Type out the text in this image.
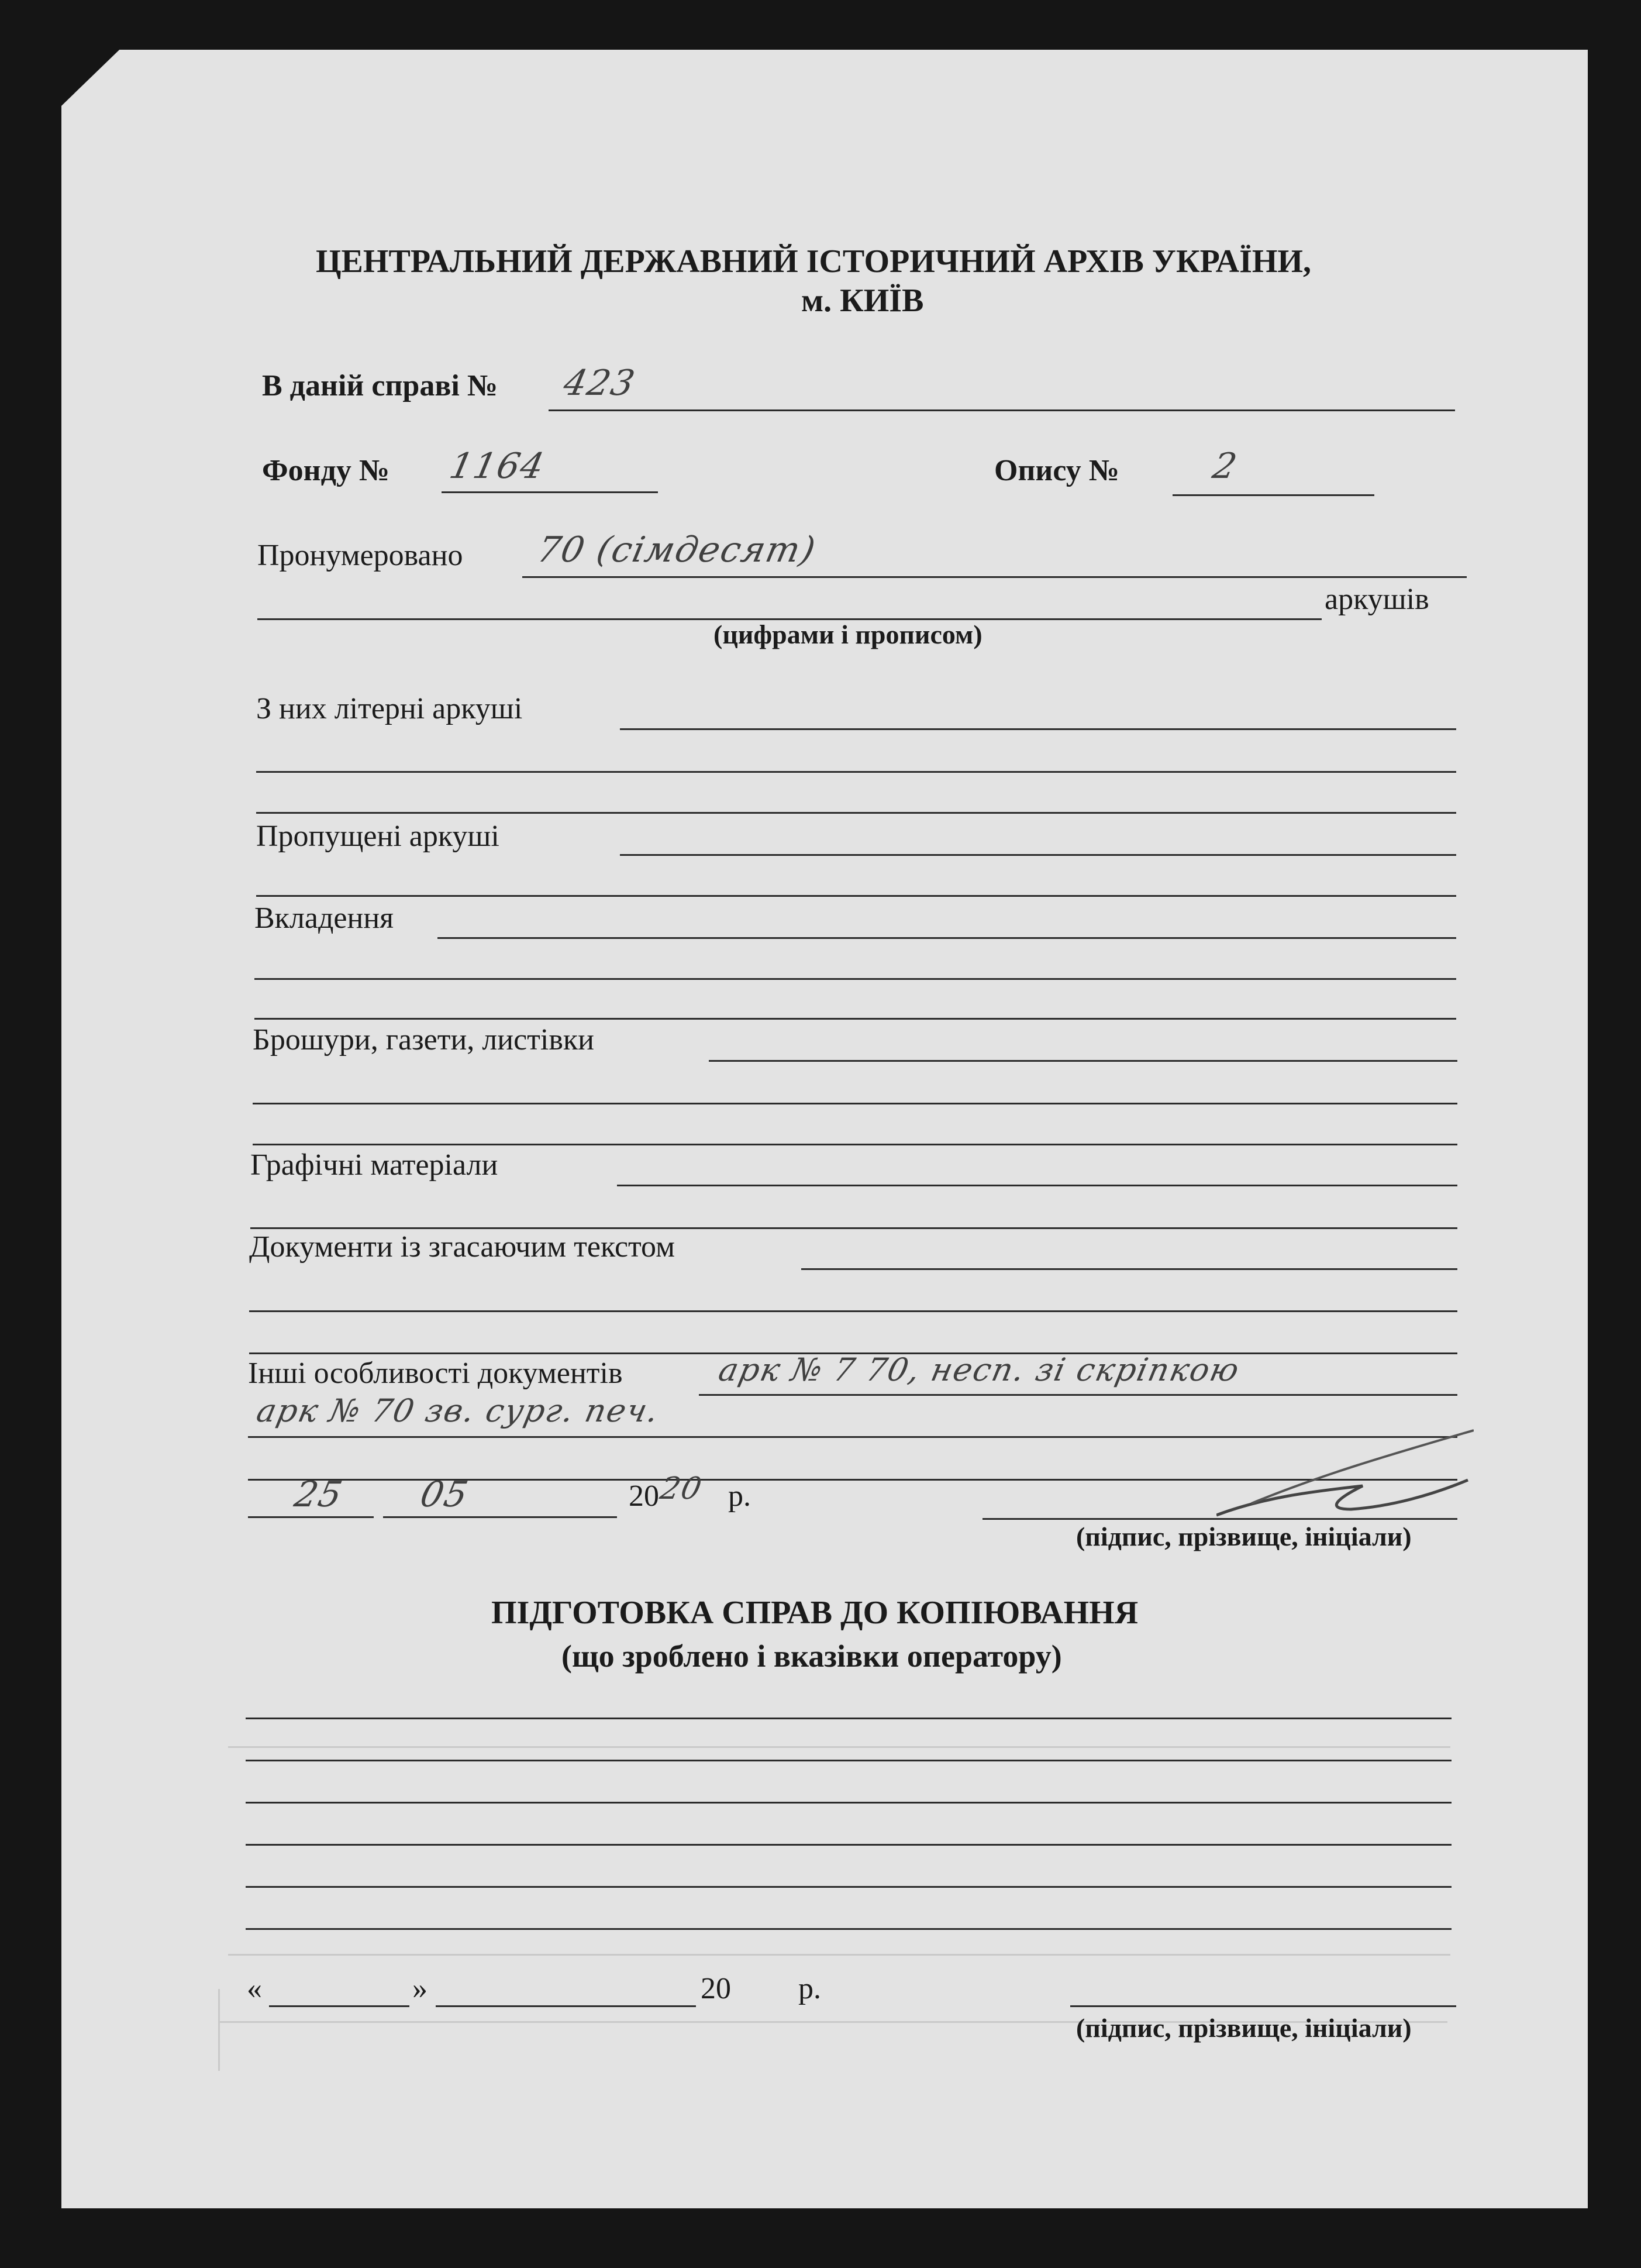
ЦЕНТРАЛЬНИЙ ДЕРЖАВНИЙ ІСТОРИЧНИЙ АРХІВ УКРАЇНИ,
м. КИЇВ
В даній справі № 423
Фонду № 1164	Опису №	2
Пронумеровано 70 (сімдесят)
аркушів
(цифрами і прописом)
З них літерні аркуші
Пропущені аркуші
Вкладення
Брошури, газети, листівки
Графічні матеріали
Документи із згасаючим текстом
Інші особливості документів	арк № 7 70, несп. зі скріпкою
арк № 70 зв. сург. печ.
25 05	20
20 р.
(підпис, прізвище, ініціали)
ПІДГОТОВКА СПРАВ ДО КОПІЮВАННЯ
(що зроблено і вказівки оператору)
«	»	20 р.
(підпис, прізвище, ініціали)
